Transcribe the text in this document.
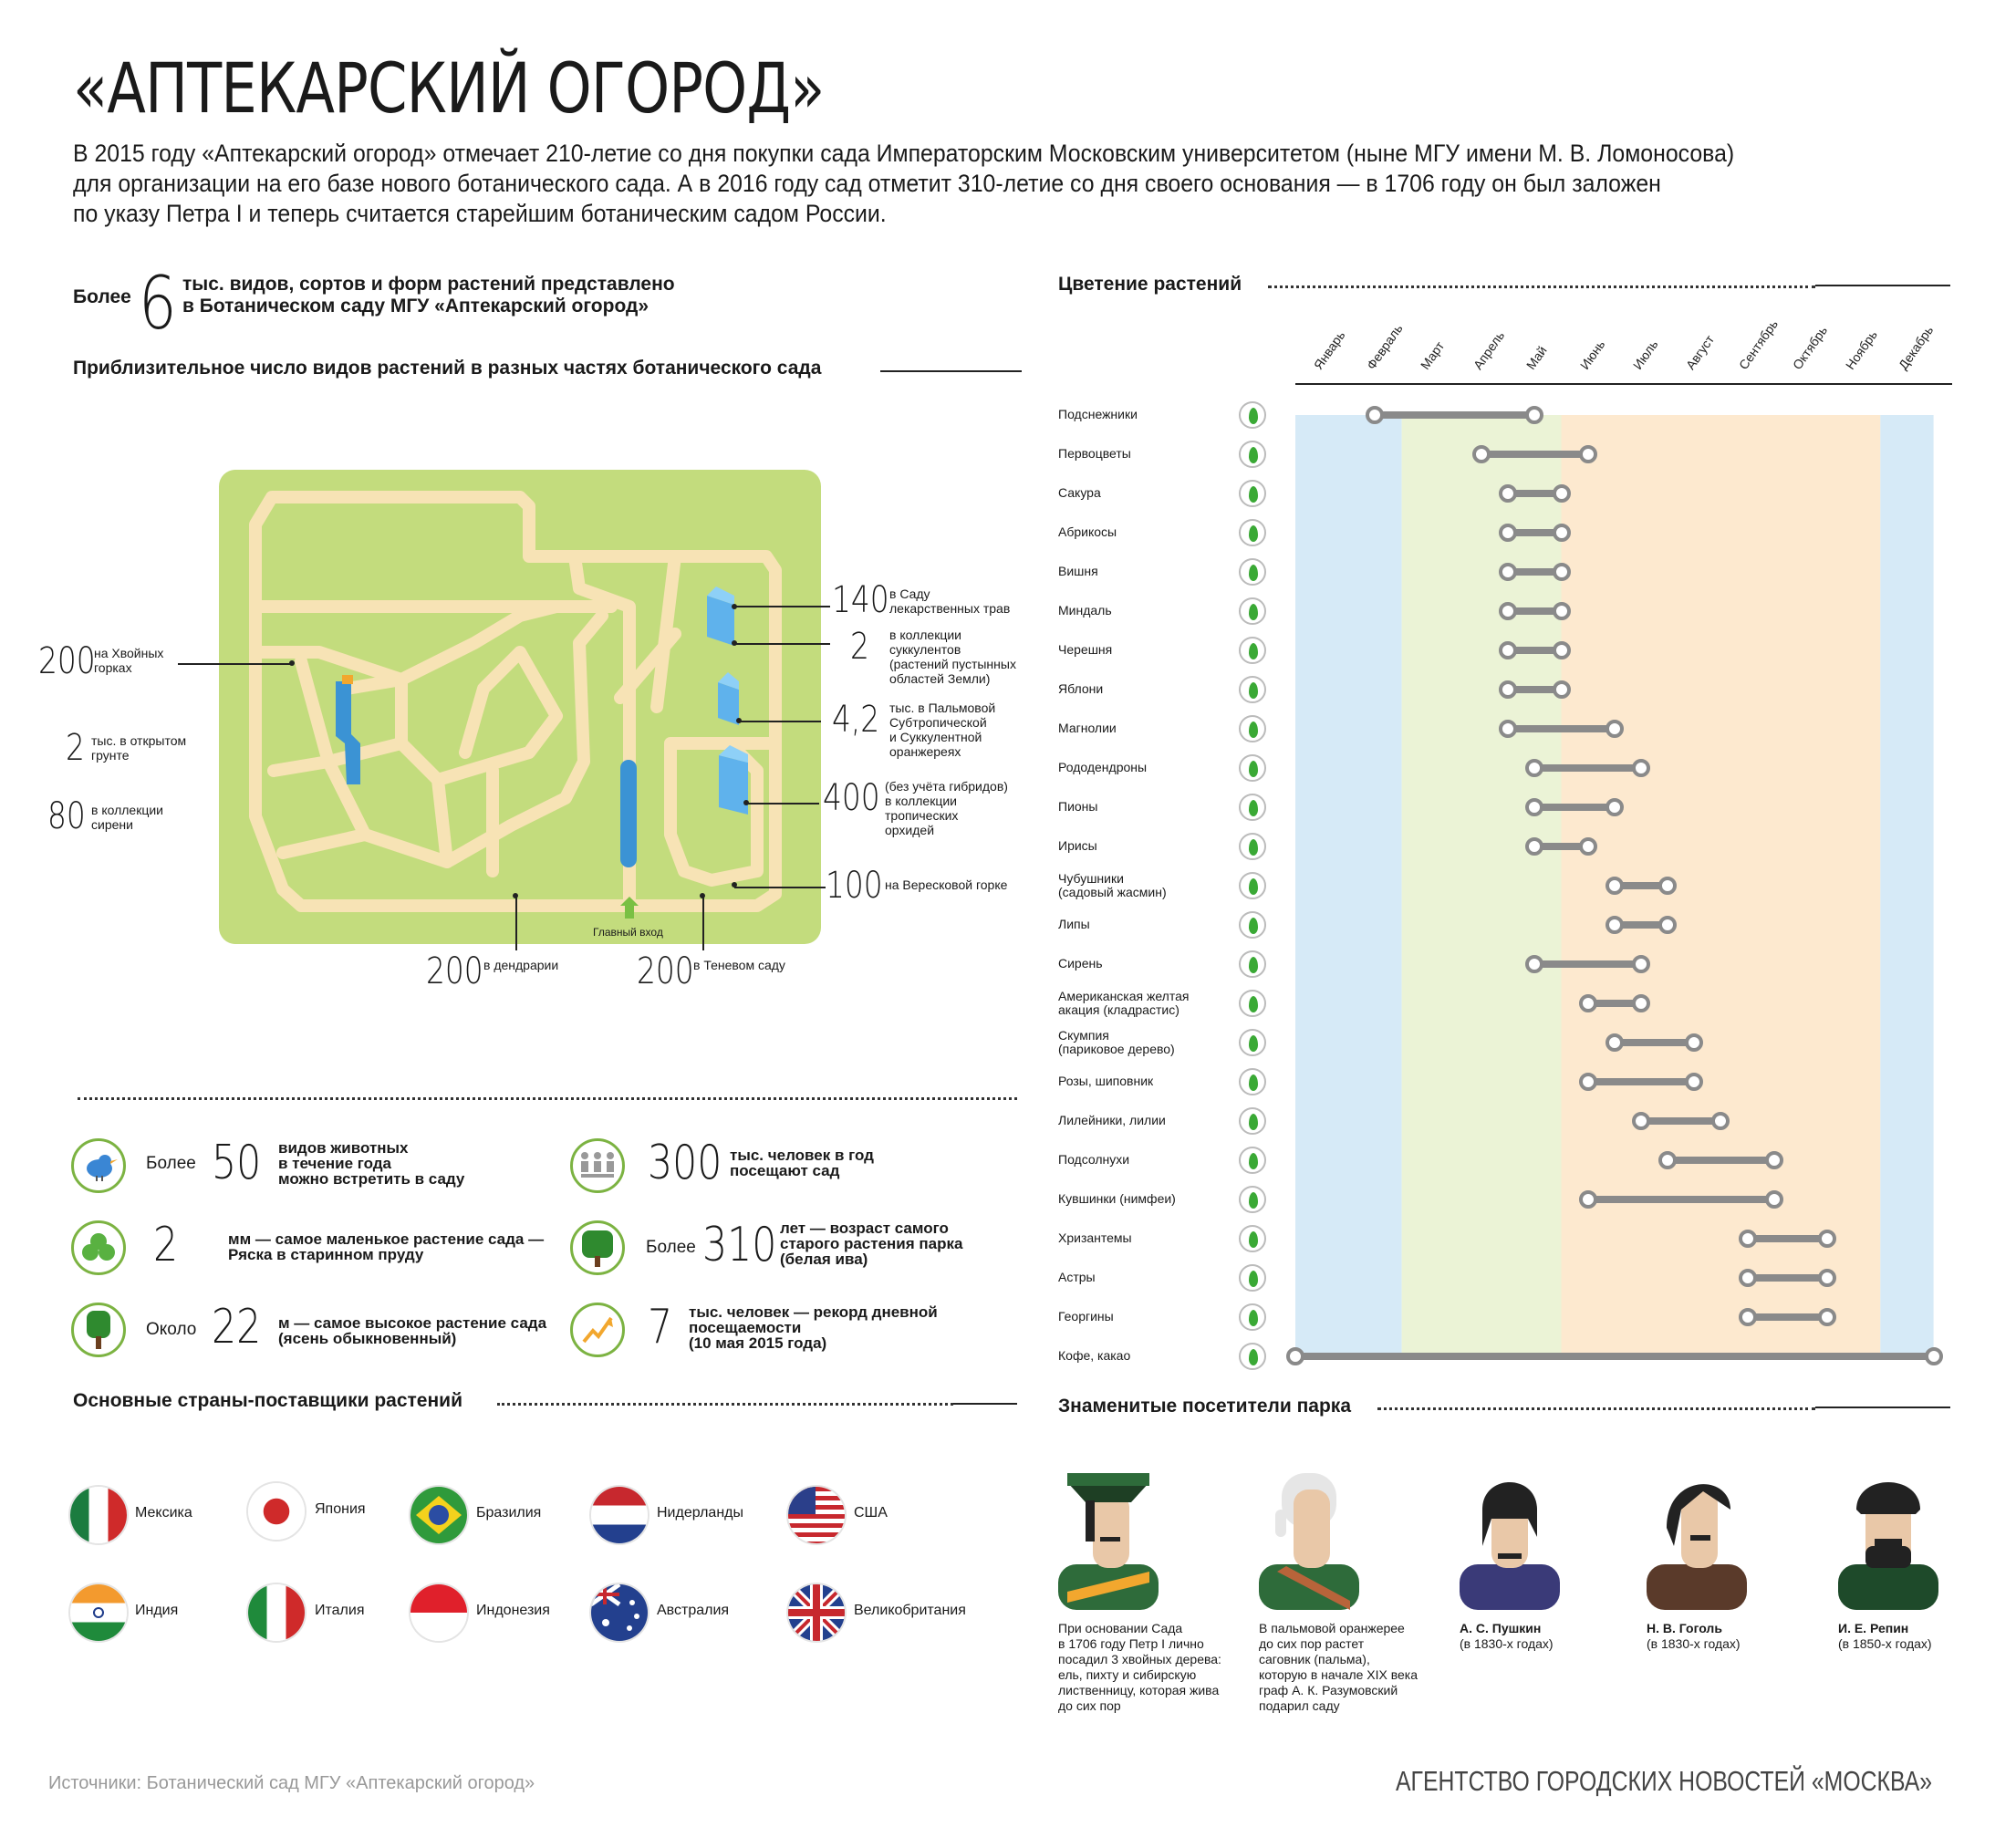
«АПТЕКАРСКИЙ ОГОРОД»
В 2015 году «Аптекарский огород» отмечает 210-летие со дня покупки сада Императорским Московским университетом (ныне МГУ имени М. В. Ломоносова)
для организации на его базе нового ботанического сада. А в 2016 году сад отметит 310-летие со дня своего основания — в 1706 году он был заложен
по указу Петра I и теперь считается старейшим ботаническим садом России.
Более 6 тыс. видов, сортов и форм растений представлено
в Ботаническом саду МГУ «Аптекарский огород»
Приблизительное число видов растений в разных частях ботанического сада
Главный вход
140 в Саду
лекарственных трав
2 в коллекции
суккулентов
(растений пустынных
областей Земли)
4,2 тыс. в Пальмовой
Субтропической
и Суккулентной
оранжереях
400 (без учёта гибридов)
в коллекции
тропических
орхидей
100 на Вересковой горке
200
на Хвойных
горках
2 тыс. в открытом
грунте
80 в коллекции
сирени
200 в дендрарии 200 в Теневом саду
Более 50 видов животных
в течение года
можно встретить в саду	300 тыс. человек в год
посещают сад
2	мм — самое маленькое растение сада —
Ряска в старинном пруду	Более 310 лет — возраст самого
старого растения парка
(белая ива)
Около 22 м — самое высокое растение сада
(ясень обыкновенный)	7 тыс. человек — рекорд дневной
посещаемости
(10 мая 2015 года)
Основные страны-поставщики растений
Мексика	Япония	Бразилия	Нидерланды	США
Индия	Италия	Индонезия	Австралия	Великобритания
Цветение растений
Январь Февраль Март Апрель Май Июнь Июль Август Сентябрь Октябрь Ноябрь Декабрь
Подснежники
Первоцветы
Сакура
Абрикосы
Вишня
Миндаль
Черешня
Яблони
Магнолии
Рододендроны
Пионы
Ирисы
Чубушники
(садовый жасмин)
Липы
Сирень
Американская желтая
акация (кладрастис)
Скумпия
(париковое дерево)
Розы, шиповник
Лилейники, лилии
Подсолнухи
Кувшинки (нимфеи)
Хризантемы
Астры
Георгины
Кофе, какао
Знаменитые посетители парка
При основании Сада
в 1706 году Петр I лично
посадил 3 хвойных дерева:
ель, пихту и сибирскую
лиственницу, которая жива
до сих пор
В пальмовой оранжерее
до сих пор растет
саговник (пальма),
которую в начале XIX века
граф А. К. Разумовский
подарил саду
А. С. Пушкин
(в 1830-х годах)
Н. В. Гоголь
(в 1830-х годах)
И. Е. Репин
(в 1850-х годах)
Источники: Ботанический сад МГУ «Аптекарский огород»	АГЕНТСТВО ГОРОДСКИХ НОВОСТЕЙ «МОСКВА»
